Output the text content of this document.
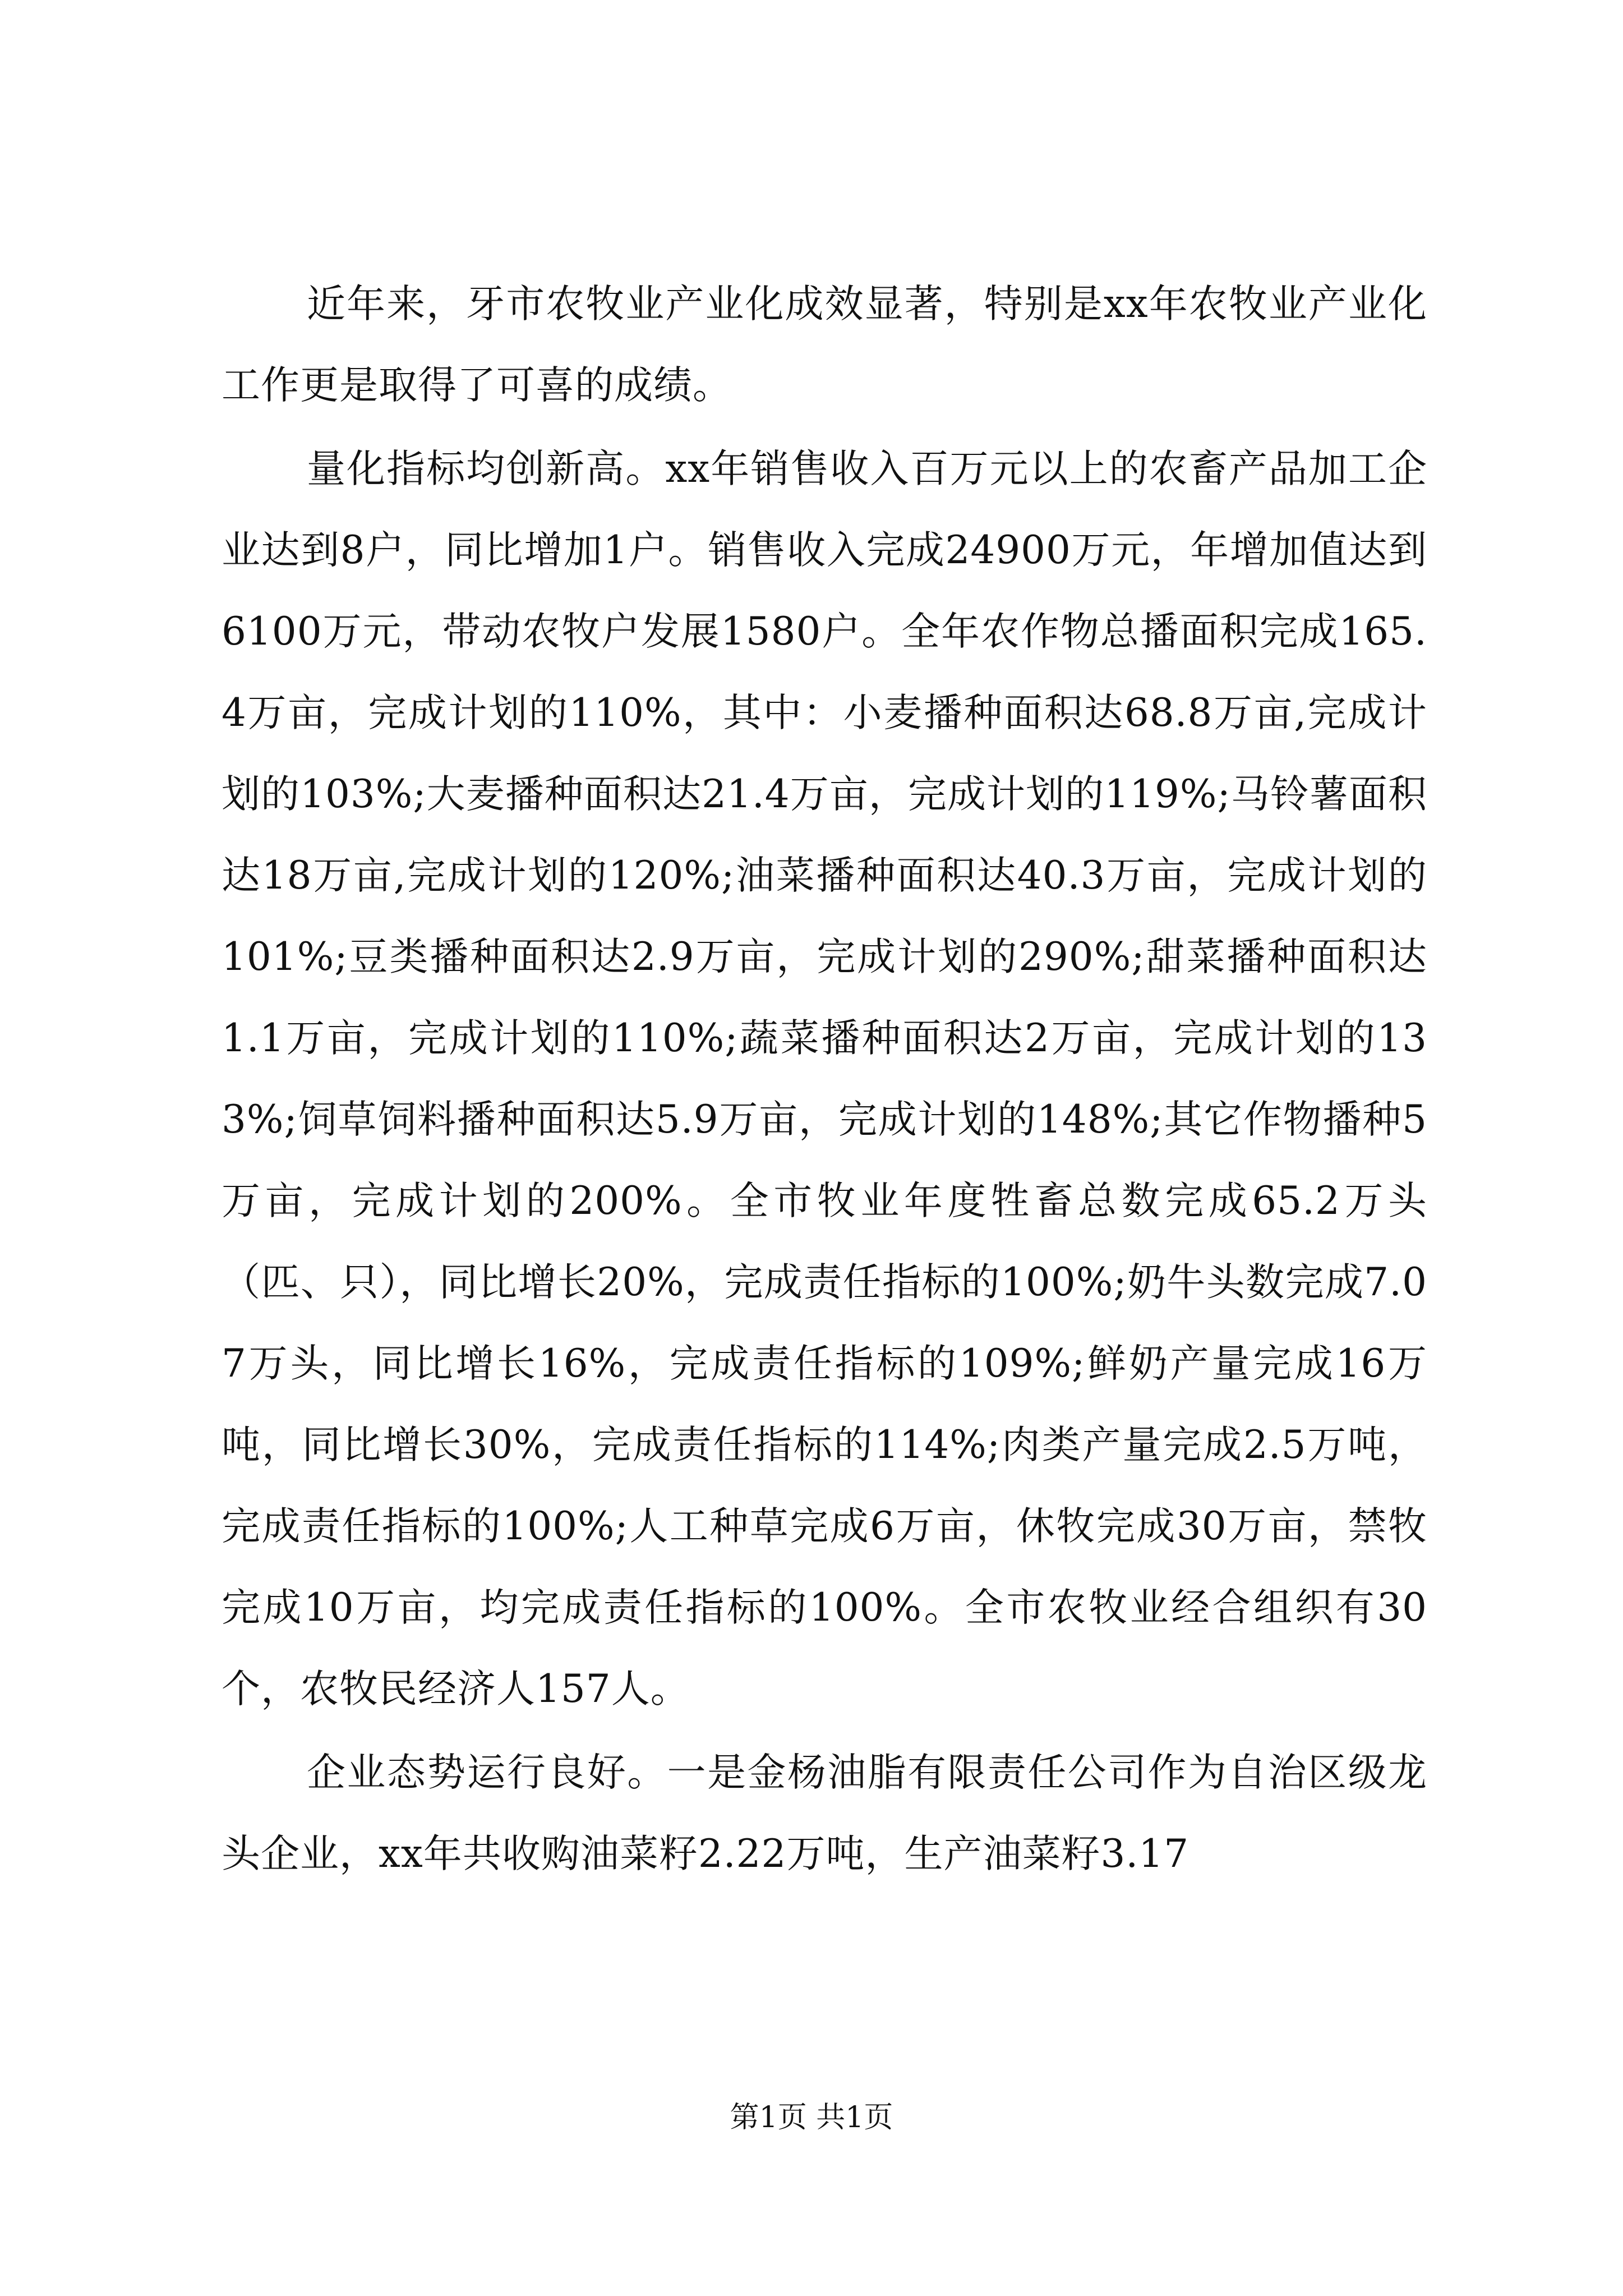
近年来，牙市农牧业产业化成效显著，特别是xx年农牧业产业化工作更是取得了可喜的成绩。

量化指标均创新高。xx年销售收入百万元以上的农畜产品加工企业达到8户，同比增加1户。销售收入完成24900万元，年增加值达到6100万元，带动农牧户发展1580户。全年农作物总播面积完成165.4万亩，完成计划的110%，其中：小麦播种面积达68.8万亩,完成计划的103%;大麦播种面积达21.4万亩，完成计划的119%;马铃薯面积达18万亩,完成计划的120%;油菜播种面积达40.3万亩，完成计划的101%;豆类播种面积达2.9万亩，完成计划的290%;甜菜播种面积达1.1万亩，完成计划的110%;蔬菜播种面积达2万亩，完成计划的133%;饲草饲料播种面积达5.9万亩，完成计划的148%;其它作物播种5万亩，完成计划的200%。全市牧业年度牲畜总数完成65.2万头（匹、只），同比增长20%，完成责任指标的100%;奶牛头数完成7.07万头，同比增长16%，完成责任指标的109%;鲜奶产量完成16万吨，同比增长30%，完成责任指标的114%;肉类产量完成2.5万吨，完成责任指标的100%;人工种草完成6万亩，休牧完成30万亩，禁牧完成10万亩，均完成责任指标的100%。全市农牧业经合组织有30个，农牧民经济人157人。

企业态势运行良好。一是金杨油脂有限责任公司作为自治区级龙头企业，xx年共收购油菜籽2.22万吨，生产油菜籽3.17

第1页 共1页
